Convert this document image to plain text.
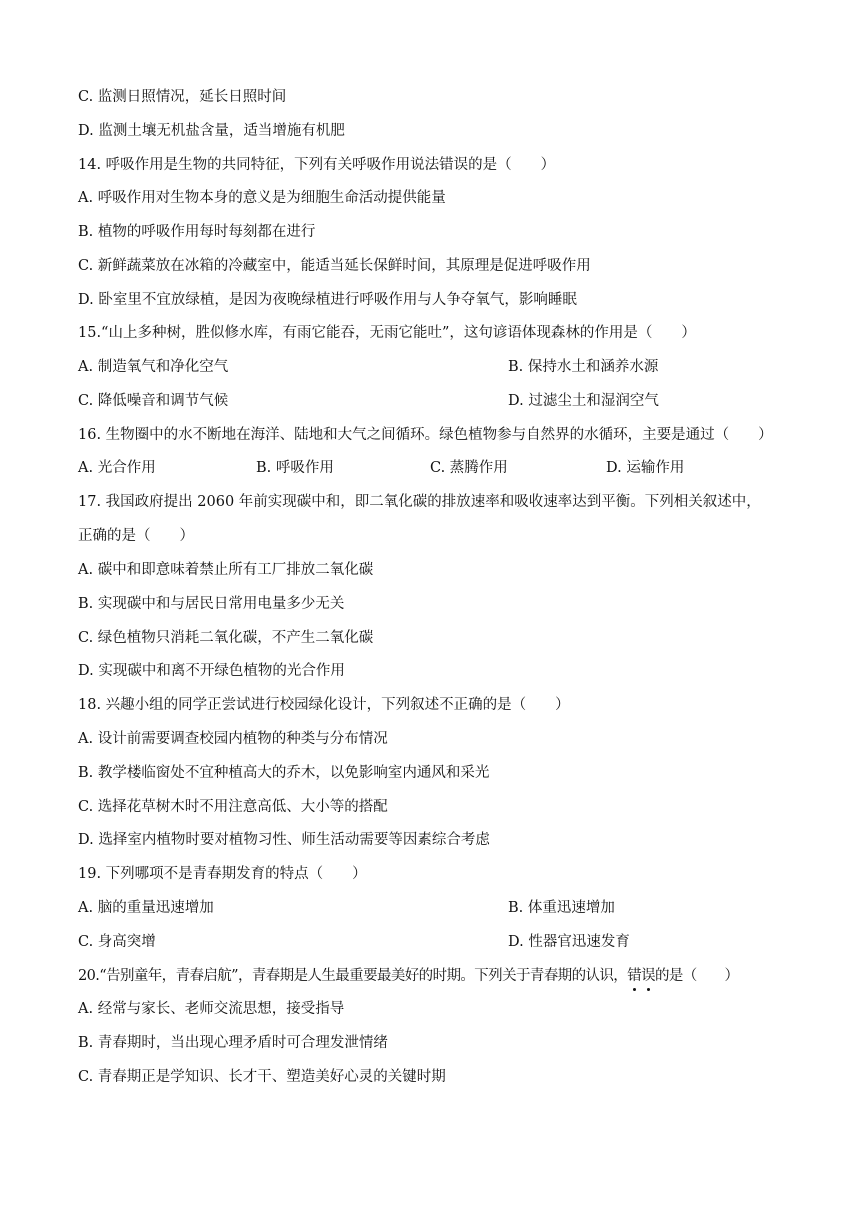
C. 监测日照情况，延长日照时间
D. 监测土壤无机盐含量，适当增施有机肥
14. 呼吸作用是生物的共同特征，下列有关呼吸作用说法错误的是（　　）
A. 呼吸作用对生物本身的意义是为细胞生命活动提供能量
B. 植物的呼吸作用每时每刻都在进行
C. 新鲜蔬菜放在冰箱的冷藏室中，能适当延长保鲜时间，其原理是促进呼吸作用
D. 卧室里不宜放绿植，是因为夜晚绿植进行呼吸作用与人争夺氧气，影响睡眠
15.“山上多种树，胜似修水库，有雨它能吞，无雨它能吐”，这句谚语体现森林的作用是（　　）
A. 制造氧气和净化空气	B. 保持水土和涵养水源
C. 降低噪音和调节气候	D. 过滤尘土和湿润空气
16. 生物圈中的水不断地在海洋、陆地和大气之间循环。绿色植物参与自然界的水循环，主要是通过（　　）
A. 光合作用	B. 呼吸作用	C. 蒸腾作用	D. 运输作用
17. 我国政府提出 2060 年前实现碳中和，即二氧化碳的排放速率和吸收速率达到平衡。下列相关叙述中，
正确的是（　　）
A. 碳中和即意味着禁止所有工厂排放二氧化碳
B. 实现碳中和与居民日常用电量多少无关
C. 绿色植物只消耗二氧化碳，不产生二氧化碳
D. 实现碳中和离不开绿色植物的光合作用
18. 兴趣小组的同学正尝试进行校园绿化设计，下列叙述不正确的是（　　）
A. 设计前需要调查校园内植物的种类与分布情况
B. 教学楼临窗处不宜种植高大的乔木，以免影响室内通风和采光
C. 选择花草树木时不用注意高低、大小等的搭配
D. 选择室内植物时要对植物习性、师生活动需要等因素综合考虑
19. 下列哪项不是青春期发育的特点（　　）
A. 脑的重量迅速增加	B. 体重迅速增加
C. 身高突增	D. 性器官迅速发育
20.“告别童年，青春启航”，青春期是人生最重要最美好的时期。下列关于青春期的认识，错误的是（　　）
A. 经常与家长、老师交流思想，接受指导
B. 青春期时，当出现心理矛盾时可合理发泄情绪
C. 青春期正是学知识、长才干、塑造美好心灵的关键时期
